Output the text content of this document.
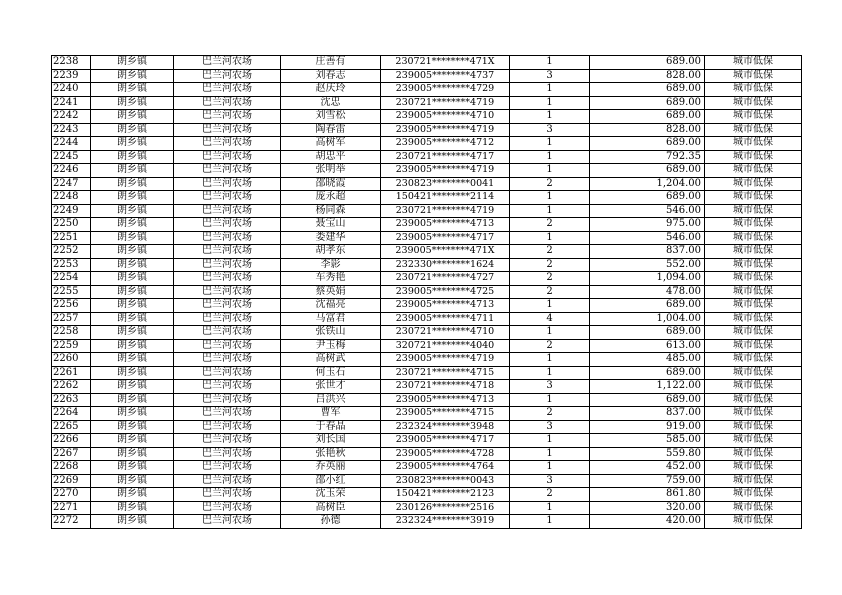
2238	朗乡镇	巴兰河农场	庄善有	230721********471X	1	689.00	城市低保
2239	朗乡镇	巴兰河农场	刘春志	239005********4737	3	828.00	城市低保
2240	朗乡镇	巴兰河农场	赵庆玲	239005********4729	1	689.00	城市低保
2241	朗乡镇	巴兰河农场	沈忠	230721********4719	1	689.00	城市低保
2242	朗乡镇	巴兰河农场	刘雪松	239005********4710	1	689.00	城市低保
2243	朗乡镇	巴兰河农场	陶春雷	239005********4719	3	828.00	城市低保
2244	朗乡镇	巴兰河农场	高树军	239005********4712	1	689.00	城市低保
2245	朗乡镇	巴兰河农场	胡忠平	230721********4717	1	792.35	城市低保
2246	朗乡镇	巴兰河农场	张明举	239005********4719	1	689.00	城市低保
2247	朗乡镇	巴兰河农场	邵晓霞	230823********0041	2	1,204.00	城市低保
2248	朗乡镇	巴兰河农场	庞永超	150421********2114	1	689.00	城市低保
2249	朗乡镇	巴兰河农场	杨同森	230721********4719	1	546.00	城市低保
2250	朗乡镇	巴兰河农场	聂宝山	239005********4713	2	975.00	城市低保
2251	朗乡镇	巴兰河农场	娄建华	239005********4717	1	546.00	城市低保
2252	朗乡镇	巴兰河农场	胡孝东	239005********471X	2	837.00	城市低保
2253	朗乡镇	巴兰河农场	李影	232330********1624	2	552.00	城市低保
2254	朗乡镇	巴兰河农场	车秀艳	230721********4727	2	1,094.00	城市低保
2255	朗乡镇	巴兰河农场	蔡英娟	239005********4725	2	478.00	城市低保
2256	朗乡镇	巴兰河农场	沈福亮	239005********4713	1	689.00	城市低保
2257	朗乡镇	巴兰河农场	马富君	239005********4711	4	1,004.00	城市低保
2258	朗乡镇	巴兰河农场	张铁山	230721********4710	1	689.00	城市低保
2259	朗乡镇	巴兰河农场	尹玉梅	320721********4040	2	613.00	城市低保
2260	朗乡镇	巴兰河农场	高树武	239005********4719	1	485.00	城市低保
2261	朗乡镇	巴兰河农场	何玉石	230721********4715	1	689.00	城市低保
2262	朗乡镇	巴兰河农场	张世才	230721********4718	3	1,122.00	城市低保
2263	朗乡镇	巴兰河农场	吕洪兴	239005********4713	1	689.00	城市低保
2264	朗乡镇	巴兰河农场	曹军	239005********4715	2	837.00	城市低保
2265	朗乡镇	巴兰河农场	于春晶	232324********3948	3	919.00	城市低保
2266	朗乡镇	巴兰河农场	刘长国	239005********4717	1	585.00	城市低保
2267	朗乡镇	巴兰河农场	张艳秋	239005********4728	1	559.80	城市低保
2268	朗乡镇	巴兰河农场	乔英丽	239005********4764	1	452.00	城市低保
2269	朗乡镇	巴兰河农场	邵小红	230823********0043	3	759.00	城市低保
2270	朗乡镇	巴兰河农场	沈玉荣	150421********2123	2	861.80	城市低保
2271	朗乡镇	巴兰河农场	高树臣	230126********2516	1	320.00	城市低保
2272	朗乡镇	巴兰河农场	孙德	232324********3919	1	420.00	城市低保
